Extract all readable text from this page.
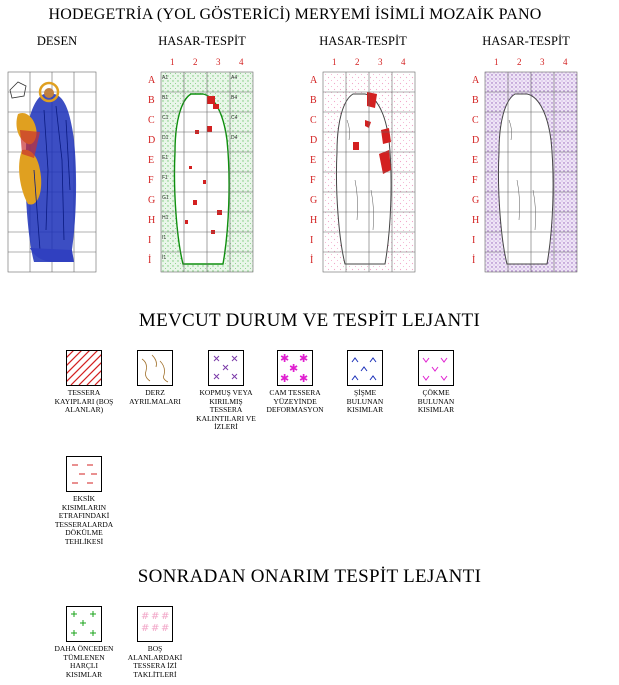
HODEGETRİA (YOL GÖSTERİCİ) MERYEMİ İSİMLİ MOZAİK PANO
DESEN	HASAR-TESPİT	HASAR-TESPİT	HASAR-TESPİT
A1
B1
C1
D1
E1
F1
G1
H1
I1
İ1
A4
B4
C4
D4
1 2 3 4	1 2 3 4	1 2 3 4
A
B
C
D
E
F
G
H
I
İ
A
B
C
D
E
F
G
H
I
İ
A
B
C
D
E
F
G
H
I
İ
MEVCUT DURUM VE TESPİT LEJANTI
TESSERA
KAYIPLARI (BOŞ
ALANLAR)
DERZ
AYRILMALARI
KOPMUŞ VEYA
KIRILMIŞ
TESSERA
KALINTILARI VE
İZLERİ
✱ ✱
✱
✱ ✱
CAM TESSERA
YÜZEYİNDE
DEFORMASYON
ŞİŞME
BULUNAN
KISIMLAR
ÇÖKME
BULUNAN
KISIMLAR
EKSİK
KISIMLARIN
ETRAFINDAKİ
TESSERALARDA
DÖKÜLME
TEHLİKESİ
SONRADAN ONARIM TESPİT LEJANTI
DAHA ÖNCEDEN
TÜMLENEN
HARÇLI
KISIMLAR
# # #
# # #
BOŞ
ALANLARDAKİ
TESSERA İZİ
TAKLİTLERİ
